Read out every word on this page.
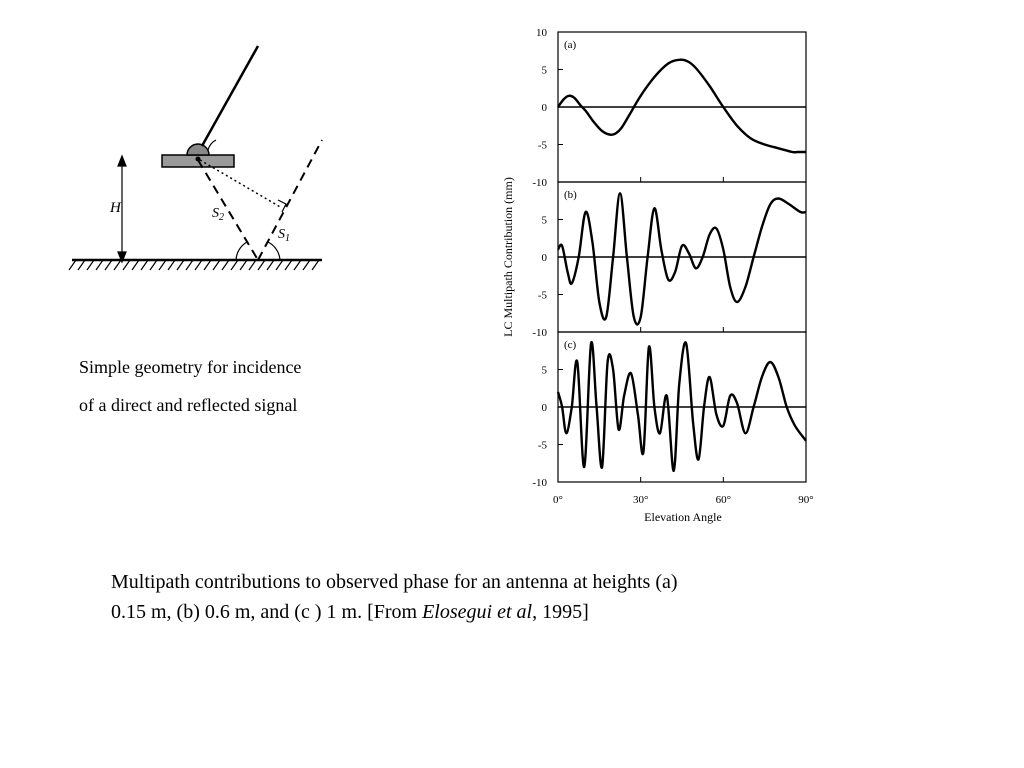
H	$S_2$
$S_1$
Simple geometry for incidence
of a direct and reflected signal
LC Multipath Contribution (mm)
10
5
0
-5
-10
(a)
5
0
-5
-10
(b)
5
0
-5
-10
(c)
0°	30°	60°	90°
Elevation Angle
Multipath contributions to observed phase for an antenna at heights (a)
0.15 m, (b) 0.6 m, and (c ) 1 m. [From Elosegui et al, 1995]
